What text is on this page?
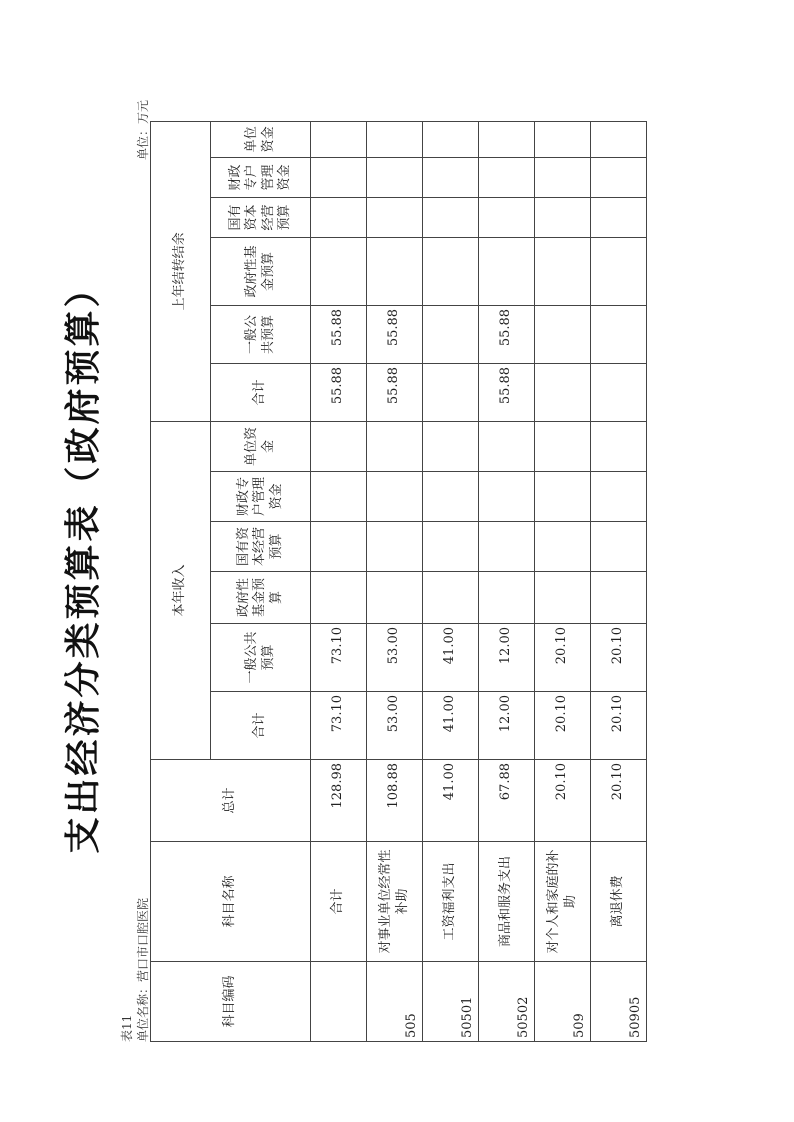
支出经济分类预算表（政府预算）
表11 单位名称：营口市口腔医院
单位：万元
科目编码	科目名称	总计	本年收入						上年结转结余					
			合计	一般公共预算	政府性基金预算	国有资本经营预算	财政专户管理资金	单位资金	合计	一般公共预算	政府性基金预算	国有资本经营预算	财政专户管理资金	单位资金
	合计	128.98	73.10	73.10					55.88	55.88				
505	对事业单位经常性补助	108.88	53.00	53.00					55.88	55.88				
50501	工资福利支出	41.00	41.00	41.00										
50502	商品和服务支出	67.88	12.00	12.00					55.88	55.88				
509	对个人和家庭的补助	20.10	20.10	20.10										
50905	离退休费	20.10	20.10	20.10										
